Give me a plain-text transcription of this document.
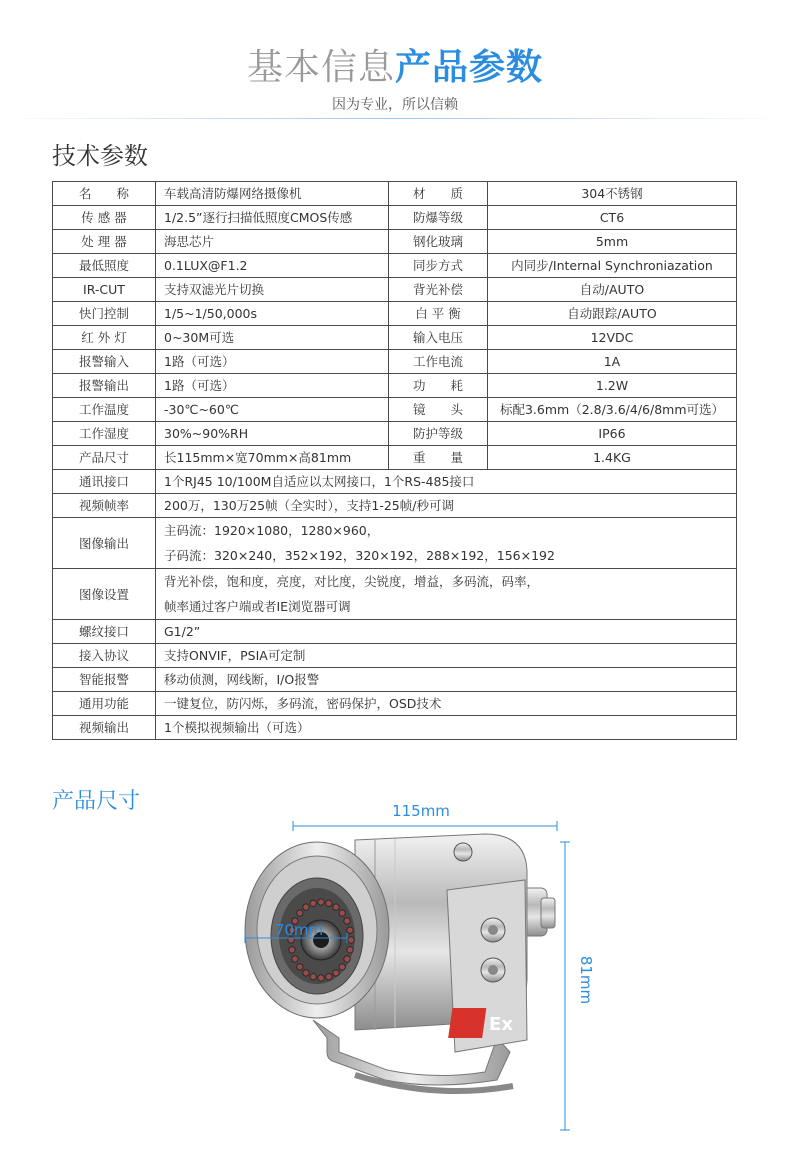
基本信息产品参数
因为专业，所以信赖
技术参数
名　　称	车载高清防爆网络摄像机	材　　质	304不锈钢
传 感 器	1/2.5”逐行扫描低照度CMOS传感	防爆等级	CT6
处 理 器	海思芯片	钢化玻璃	5mm
最低照度	0.1LUX@F1.2	同步方式	内同步/Internal Synchroniazation
IR-CUT	支持双滤光片切换	背光补偿	自动/AUTO
快门控制	1/5~1/50,000s	白 平 衡	自动跟踪/AUTO
红 外 灯	0~30M可选	输入电压	12VDC
报警输入	1路（可选）	工作电流	1A
报警输出	1路（可选）	功　　耗	1.2W
工作温度	-30℃~60℃	镜　　头	标配3.6mm（2.8/3.6/4/6/8mm可选）
工作湿度	30%~90%RH	防护等级	IP66
产品尺寸	长115mm×宽70mm×高81mm	重　　量	1.4KG
通讯接口	1个RJ45 10/100M自适应以太网接口，1个RS-485接口		

视频帧率	200万，130万25帧（全实时），支持1-25帧/秒可调		

图像输出	主码流：1920×1080，1280×960，
子码流：320×240，352×192，320×192，288×192，156×192		

图像设置	背光补偿，饱和度，亮度，对比度，尖锐度，增益，多码流，码率，
帧率通过客户端或者IE浏览器可调		

螺纹接口	G1/2”		

接入协议	支持ONVIF，PSIA可定制		

智能报警	移动侦测，网线断，I/O报警		

通用功能	一键复位，防闪烁，多码流，密码保护，OSD技术		

视频输出	1个模拟视频输出（可选）		
产品尺寸	115mm
81mm
Ex
70mm
